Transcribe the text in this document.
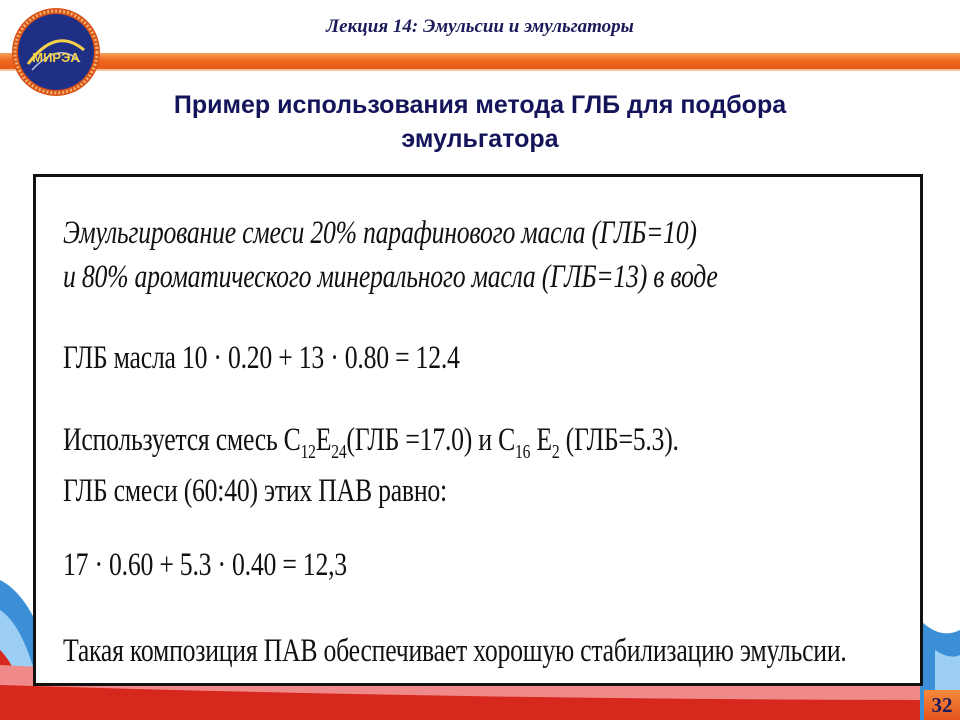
МИРЭА
Лекция 14: Эмульсии и эмульгаторы
Пример использования метода ГЛБ для подбора
эмульгатора
32
Эмульгирование смеси 20% парафинового масла (ГЛБ=10)
и 80% ароматического минерального масла (ГЛБ=13) в воде
ГЛБ масла 10 · 0.20 + 13 · 0.80 = 12.4
Используется смесь $C_{12}E_{24}(ГЛБ =17.0)$ и $C_{16}$ $E_2$ (ГЛБ=5.3).
ГЛБ смеси (60:40) этих ПАВ равно:
17 · 0.60 + 5.3 · 0.40 = 12,3
Такая композиция ПАВ обеспечивает хорошую стабилизацию эмульсии.
